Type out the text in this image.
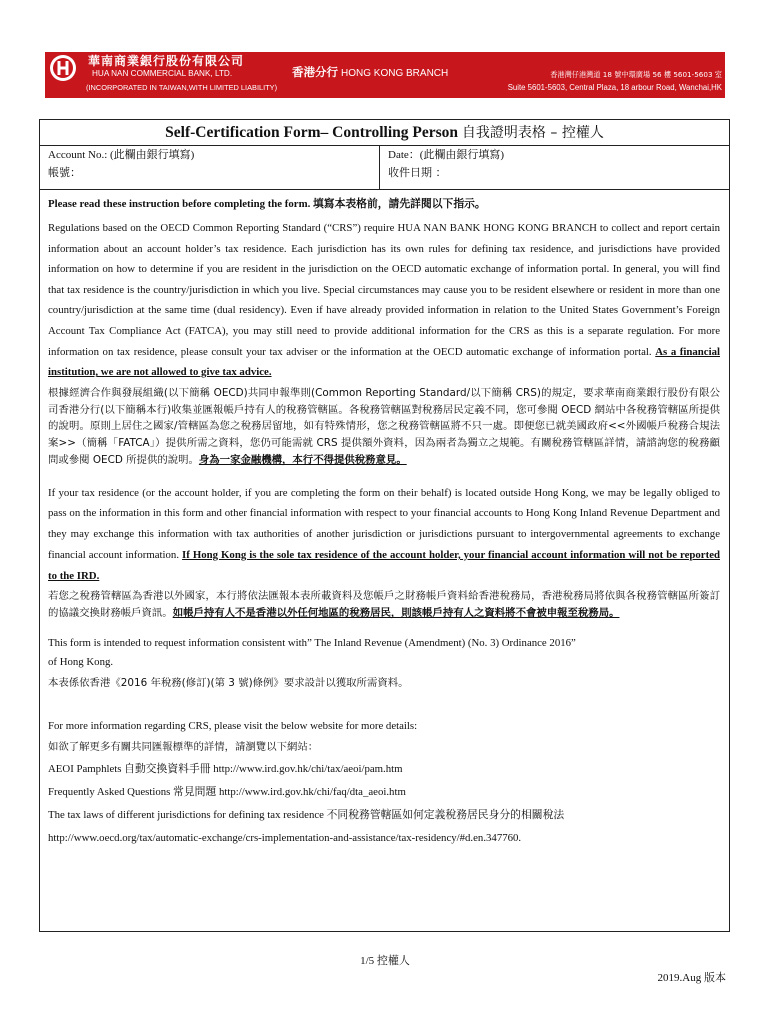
華南商業銀行股份有限公司
HUA NAN COMMERCIAL BANK, LTD.	香港分行 HONG KONG BRANCH	香港灣仔港灣道 18 號中環廣場 56 樓 5601-5603 室
(INCORPORATED IN TAIWAN,WITH LIMITED LIABILITY)	Suite 5601-5603, Central Plaza, 18 arbour Road, Wanchai,HK
Self-Certification Form– Controlling Person 自我證明表格 – 控權人
Account No.: (此欄由銀行填寫)
帳號：
Date：(此欄由銀行填寫)
收件日期 ：

Please read these instruction before completing the form. 填寫本表格前，請先詳閱以下指示。

Regulations based on the OECD Common Reporting Standard (“CRS”) require HUA NAN BANK HONG KONG BRANCH to collect and report certain information about an account holder’s tax residence. Each jurisdiction has its own rules for defining tax residence, and jurisdictions have provided information on how to determine if you are resident in the jurisdiction on the OECD automatic exchange of information portal. In general, you will find that tax residence is the country/jurisdiction in which you live. Special circumstances may cause you to be resident elsewhere or resident in more than one country/jurisdiction at the same time (dual residency). Even if have already provided information in relation to the United States Government’s Foreign Account Tax Compliance Act (FATCA), you may still need to provide additional information for the CRS as this is a separate regulation. For more information on tax residence, please consult your tax adviser or the information at the OECD automatic exchange of information portal. As a financial institution, we are not allowed to give tax advice.

根據經濟合作與發展組織(以下簡稱 OECD)共同申報準則(Common Reporting Standard/以下簡稱 CRS)的規定，要求華南商業銀行股份有限公司香港分行(以下簡稱本行)收集並匯報帳戶持有人的稅務管轄區。各稅務管轄區對稅務居民定義不同，您可參閱 OECD 網站中各稅務管轄區所提供的說明。原則上居住之國家/管轄區為您之稅務居留地，如有特殊情形，您之稅務管轄區將不只一處。即便您已就美國政府<<外國帳戶稅務合規法案>>（簡稱「FATCA」）提供所需之資料，您仍可能需就 CRS 提供額外資料，因為兩者為獨立之規範。有關稅務管轄區詳情，請諮詢您的稅務顧問或參閱 OECD 所提供的說明。身為一家金融機構，本行不得提供稅務意見。

If your tax residence (or the account holder, if you are completing the form on their behalf) is located outside Hong Kong, we may be legally obliged to pass on the information in this form and other financial information with respect to your financial accounts to Hong Kong Inland Revenue Department and they may exchange this information with tax authorities of another jurisdiction or jurisdictions pursuant to intergovernmental agreements to exchange financial account information. If Hong Kong is the sole tax residence of the account holder, your financial account information will not be reported to the IRD.

若您之稅務管轄區為香港以外國家，本行將依法匯報本表所載資料及您帳戶之財務帳戶資料給香港稅務局，香港稅務局將依與各稅務管轄區所簽訂的協議交換財務帳戶資訊。如帳戶持有人不是香港以外任何地區的稅務居民，則該帳戶持有人之資料將不會被申報至稅務局。

This form is intended to request information consistent with” The Inland Revenue (Amendment) (No. 3) Ordinance 2016”

of Hong Kong.

本表係依香港《2016 年稅務(修訂)(第 3 號)條例》要求設計以獲取所需資料。

For more information regarding CRS, please visit the below website for more details:

如欲了解更多有關共同匯報標準的詳情，請瀏覽以下網站：

AEOI Pamphlets 自動交換資料手冊 http://www.ird.gov.hk/chi/tax/aeoi/pam.htm

Frequently Asked Questions 常見問題 http://www.ird.gov.hk/chi/faq/dta_aeoi.htm

The tax laws of different jurisdictions for defining tax residence 不同稅務管轄區如何定義稅務居民身分的相關稅法

http://www.oecd.org/tax/automatic-exchange/crs-implementation-and-assistance/tax-residency/#d.en.347760.

1/5 控權人
2019.Aug 版本
